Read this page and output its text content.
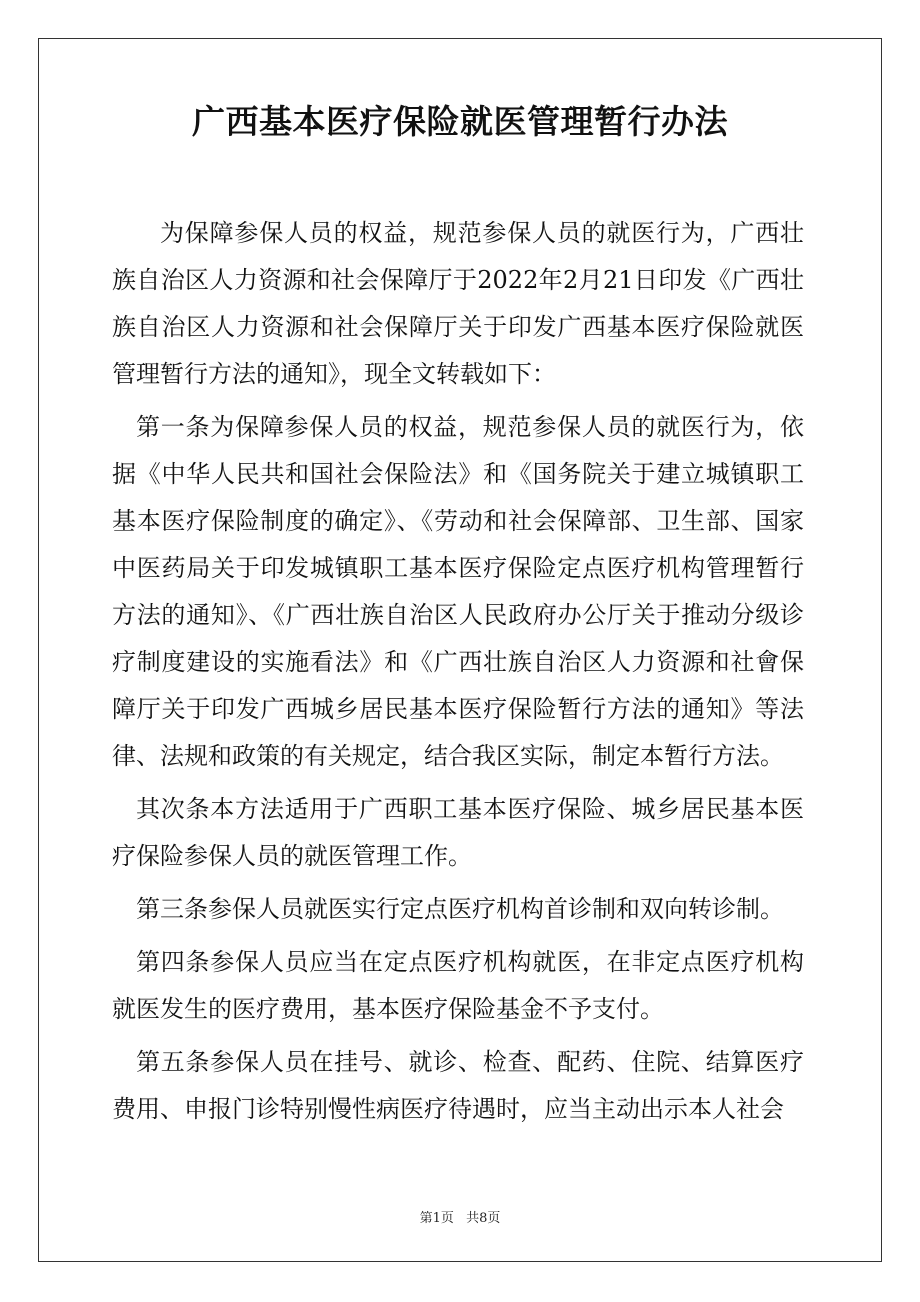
广西基本医疗保险就医管理暂行办法

为保障参保人员的权益，规范参保人员的就医行为，广西壮族自治区人力资源和社会保障厅于2022年2月21日印发《广西壮族自治区人力资源和社会保障厅关于印发广西基本医疗保险就医管理暂行方法的通知》，现全文转载如下：

第一条为保障参保人员的权益，规范参保人员的就医行为，依据《中华人民共和国社会保险法》和《国务院关于建立城镇职工基本医疗保险制度的确定》、《劳动和社会保障部、卫生部、国家中医药局关于印发城镇职工基本医疗保险定点医疗机构管理暂行方法的通知》、《广西壮族自治区人民政府办公厅关于推动分级诊疗制度建设的实施看法》和《广西壮族自治区人力资源和社會保障厅关于印发广西城乡居民基本医疗保险暂行方法的通知》等法律、法规和政策的有关规定，结合我区实际，制定本暂行方法。

其次条本方法适用于广西职工基本医疗保险、城乡居民基本医疗保险参保人员的就医管理工作。

第三条参保人员就医实行定点医疗机构首诊制和双向转诊制。

第四条参保人员应当在定点医疗机构就医，在非定点医疗机构就医发生的医疗费用，基本医疗保险基金不予支付。

第五条参保人员在挂号、就诊、检查、配药、住院、结算医疗费用、申报门诊特别慢性病医疗待遇时，应当主动出示本人社会

第1页 共8页
